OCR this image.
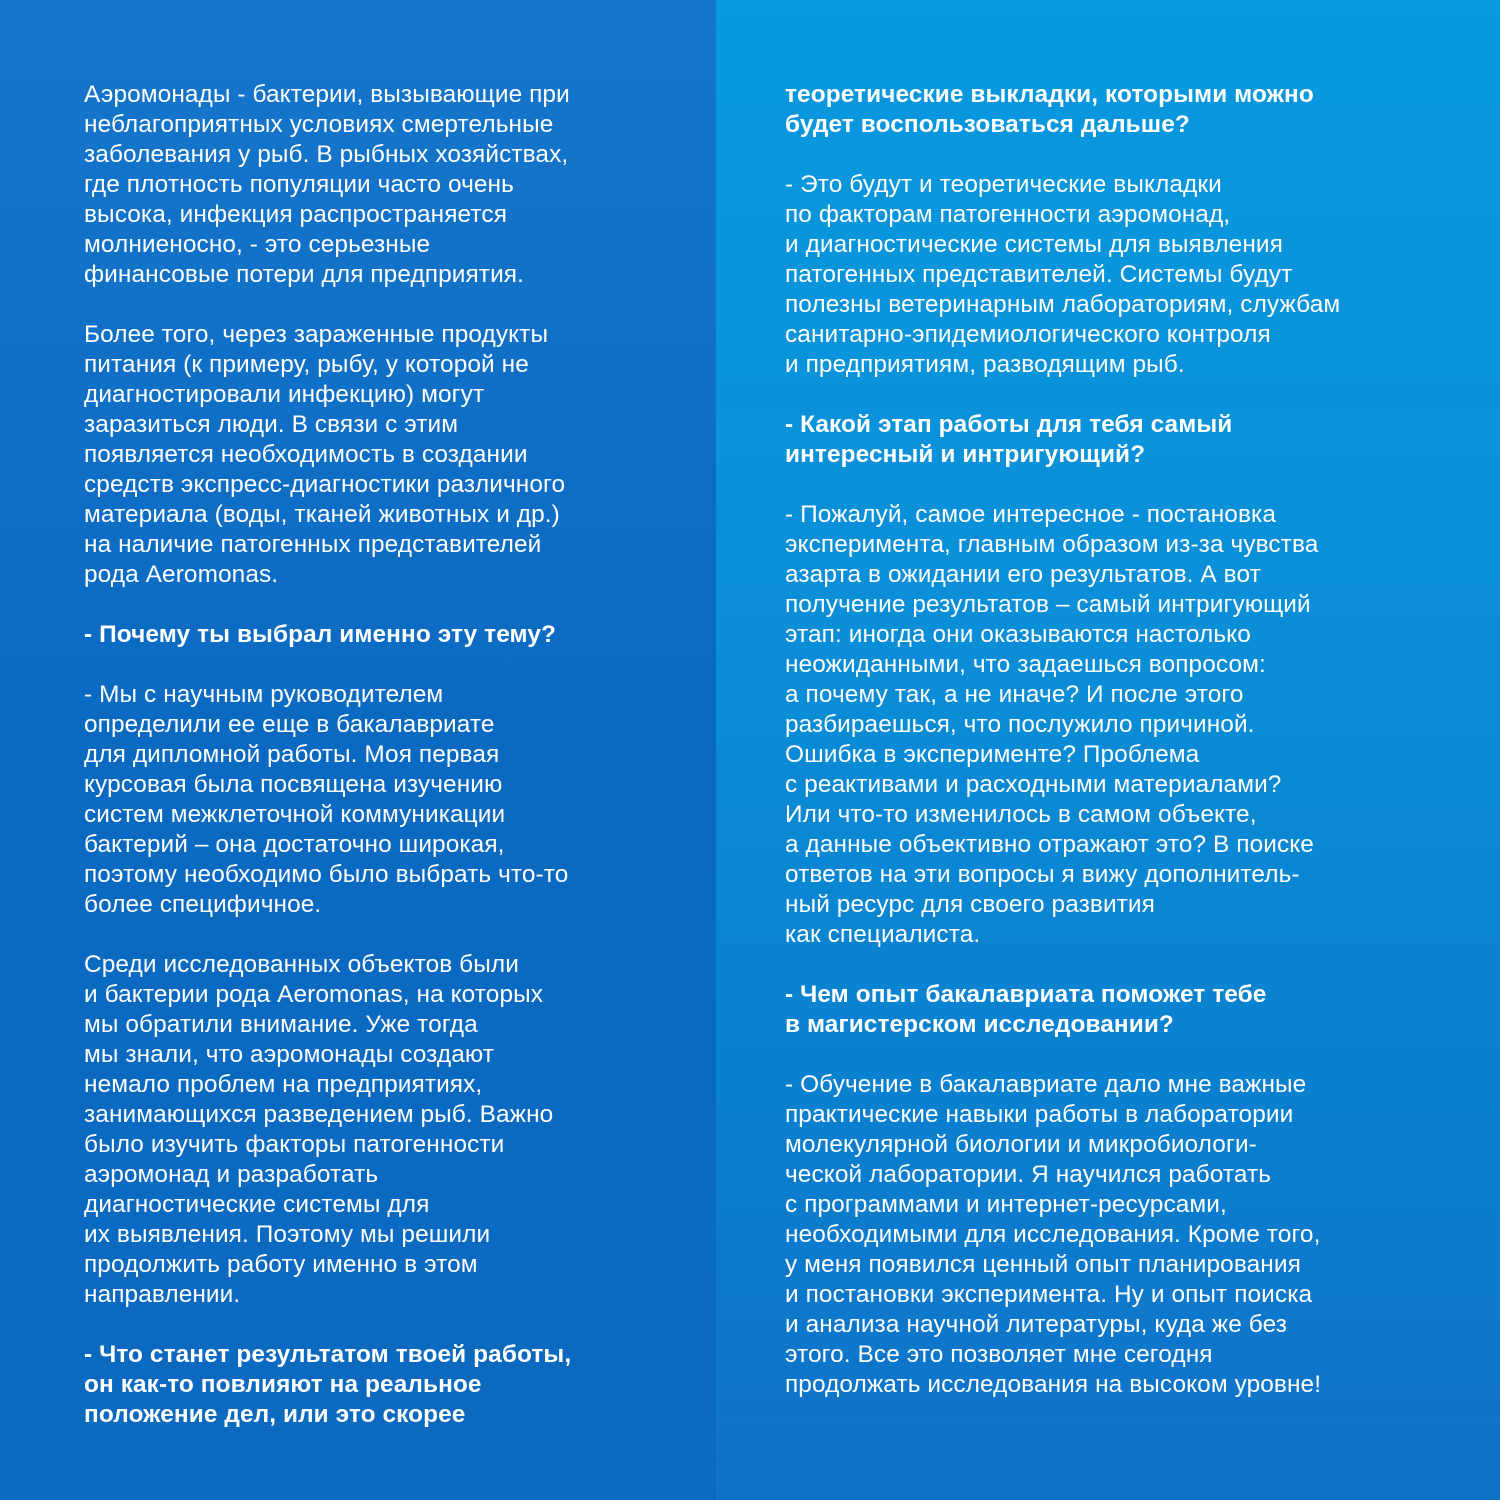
Аэромонады - бактерии, вызывающие при
неблагоприятных условиях смертельные
заболевания у рыб. В рыбных хозяйствах,
где плотность популяции часто очень
высока, инфекция распространяется
молниеносно, - это серьезные
финансовые потери для предприятия.
Более того, через зараженные продукты
питания (к примеру, рыбу, у которой не
диагностировали инфекцию) могут
заразиться люди. В связи с этим
появляется необходимость в создании
средств экспресс-диагностики различного
материала (воды, тканей животных и др.)
на наличие патогенных представителей
рода Aeromonas.
- Почему ты выбрал именно эту тему?
- Мы с научным руководителем
определили ее еще в бакалавриате
для дипломной работы. Моя первая
курсовая была посвящена изучению
систем межклеточной коммуникации
бактерий – она достаточно широкая,
поэтому необходимо было выбрать что-то
более специфичное.
Среди исследованных объектов были
и бактерии рода Aeromonas, на которых
мы обратили внимание. Уже тогда
мы знали, что аэромонады создают
немало проблем на предприятиях,
занимающихся разведением рыб. Важно
было изучить факторы патогенности
аэромонад и разработать
диагностические системы для
их выявления. Поэтому мы решили
продолжить работу именно в этом
направлении.
- Что станет результатом твоей работы,
он как-то повлияют на реальное
положение дел, или это скорее
теоретические выкладки, которыми можно
будет воспользоваться дальше?
- Это будут и теоретические выкладки
по факторам патогенности аэромонад,
и диагностические системы для выявления
патогенных представителей. Системы будут
полезны ветеринарным лабораториям, службам
санитарно-эпидемиологического контроля
и предприятиям, разводящим рыб.
- Какой этап работы для тебя самый
интересный и интригующий?
- Пожалуй, самое интересное - постановка
эксперимента, главным образом из-за чувства
азарта в ожидании его результатов. А вот
получение результатов – самый интригующий
этап: иногда они оказываются настолько
неожиданными, что задаешься вопросом:
а почему так, а не иначе? И после этого
разбираешься, что послужило причиной.
Ошибка в эксперименте? Проблема
с реактивами и расходными материалами?
Или что-то изменилось в самом объекте,
а данные объективно отражают это? В поиске
ответов на эти вопросы я вижу дополнитель-
ный ресурс для своего развития
как специалиста.
- Чем опыт бакалавриата поможет тебе
в магистерском исследовании?
- Обучение в бакалавриате дало мне важные
практические навыки работы в лаборатории
молекулярной биологии и микробиологи-
ческой лаборатории. Я научился работать
с программами и интернет-ресурсами,
необходимыми для исследования. Кроме того,
у меня появился ценный опыт планирования
и постановки эксперимента. Ну и опыт поиска
и анализа научной литературы, куда же без
этого. Все это позволяет мне сегодня
продолжать исследования на высоком уровне!
